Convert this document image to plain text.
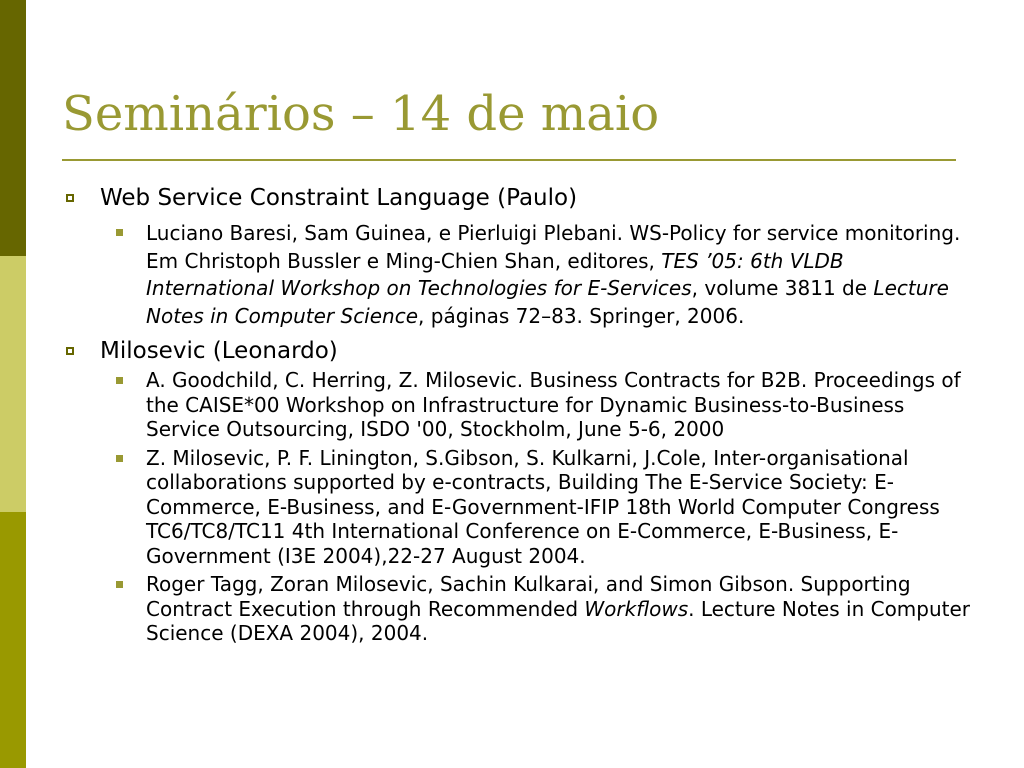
Seminários – 14 de maio
Web Service Constraint Language (Paulo)

Luciano Baresi, Sam Guinea, e Pierluigi Plebani. WS-Policy for service monitoring. Em Christoph Bussler e Ming-Chien Shan, editores, TES ’05: 6th VLDB International Workshop on Technologies for E-Services, volume 3811 de Lecture Notes in Computer Science, páginas 72–83. Springer, 2006.

Milosevic (Leonardo)

A. Goodchild, C. Herring, Z. Milosevic. Business Contracts for B2B. Proceedings of the CAISE*00 Workshop on Infrastructure for Dynamic Business-to-Business Service Outsourcing, ISDO '00, Stockholm, June 5-6, 2000

Z. Milosevic, P. F. Linington, S.Gibson, S. Kulkarni, J.Cole, Inter-organisational collaborations supported by e-contracts, Building The E-Service Society: E-Commerce, E-Business, and E-Government-IFIP 18th World Computer Congress TC6/TC8/TC11 4th International Conference on E-Commerce, E-Business, E-Government (I3E 2004),22-27 August 2004.

Roger Tagg, Zoran Milosevic, Sachin Kulkarai, and Simon Gibson. Supporting Contract Execution through Recommended Workflows. Lecture Notes in Computer Science (DEXA 2004), 2004.
